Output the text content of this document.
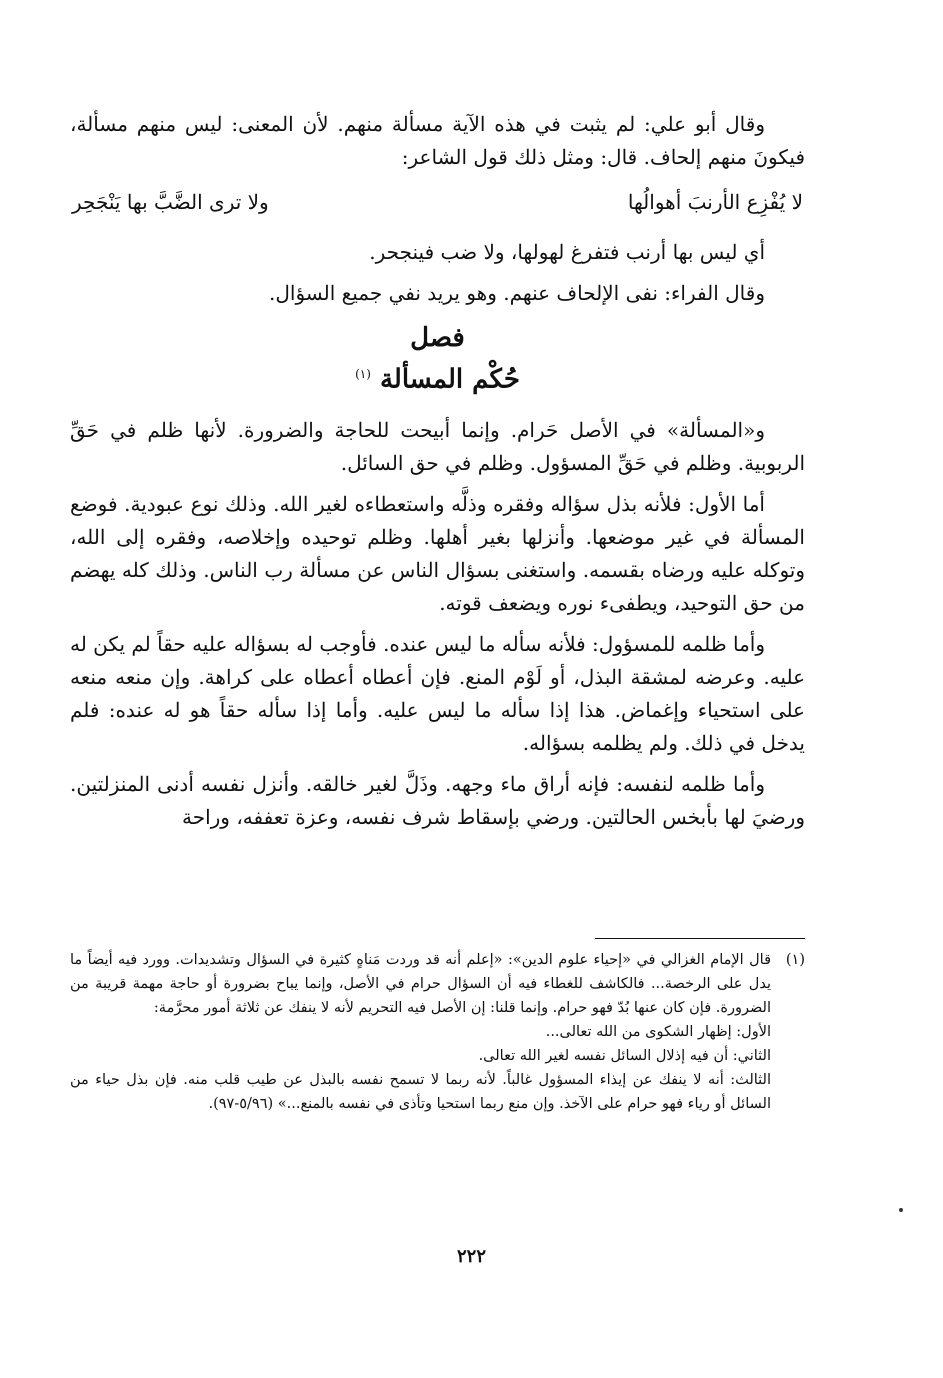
وقال أبو علي: لم يثبت في هذه الآية مسألة منهم. لأن المعنى: ليس منهم مسألة، فيكونَ منهم إلحاف. قال: ومثل ذلك قول الشاعر:

لا يُفْزِع الأرنبَ أهوالُها
ولا ترى الضَّبَّ بها يَنْجَحِر

أي ليس بها أرنب فتفرغ لهولها، ولا ضب فينجحر.

وقال الفراء: نفى الإلحاف عنهم. وهو يريد نفي جميع السؤال.

فصل
حُكْم المسألة $^{(١)}$

و«المسألة» في الأصل حَرام. وإنما أبيحت للحاجة والضرورة. لأنها ظلم في حَقِّ الربوبية. وظلم في حَقِّ المسؤول. وظلم في حق السائل.

أما الأول: فلأنه بذل سؤاله وفقره وذلَّه واستعطاءه لغير الله. وذلك نوع عبودية. فوضع المسألة في غير موضعها. وأنزلها بغير أهلها. وظلم توحيده وإخلاصه، وفقره إلى الله، وتوكله عليه ورضاه بقسمه. واستغنى بسؤال الناس عن مسألة رب الناس. وذلك كله يهضم من حق التوحيد، ويطفىء نوره ويضعف قوته.

وأما ظلمه للمسؤول: فلأنه سأله ما ليس عنده. فأوجب له بسؤاله عليه حقاً لم يكن له عليه. وعرضه لمشقة البذل، أو لَوْم المنع. فإن أعطاه أعطاه على كراهة. وإن منعه منعه على استحياء وإغماض. هذا إذا سأله ما ليس عليه. وأما إذا سأله حقاً هو له عنده: فلم يدخل في ذلك. ولم يظلمه بسؤاله.

وأما ظلمه لنفسه: فإنه أراق ماء وجهه. وذَلَّ لغير خالقه. وأنزل نفسه أدنى المنزلتين. ورضيَ لها بأبخس الحالتين. ورضي بإسقاط شرف نفسه، وعزة تعففه، وراحة

(١)قال الإمام الغزالي في «إحياء علوم الدين»: «إعلم أنه قد وردت مَناهٍ كثيرة في السؤال وتشديدات. وورد فيه أيضاً ما يدل على الرخصة... فالكاشف للغطاء فيه أن السؤال حرام في الأصل، وإنما يباح بضرورة أو حاجة مهمة قريبة من الضرورة. فإن كان عنها بُدّ فهو حرام. وإنما قلنا: إن الأصل فيه التحريم لأنه لا ينفك عن ثلاثة أمور محرَّمة:

الأول: إظهار الشكوى من الله تعالى...

الثاني: أن فيه إذلال السائل نفسه لغير الله تعالى.

الثالث: أنه لا ينفك عن إيذاء المسؤول غالباً. لأنه ربما لا تسمح نفسه بالبذل عن طيب قلب منه. فإن بذل حياء من السائل أو رياء فهو حرام على الآخذ. وإن منع ربما استحيا وتأذى في نفسه بالمنع...» (٥/٩٦-٩٧).

٢٢٢
